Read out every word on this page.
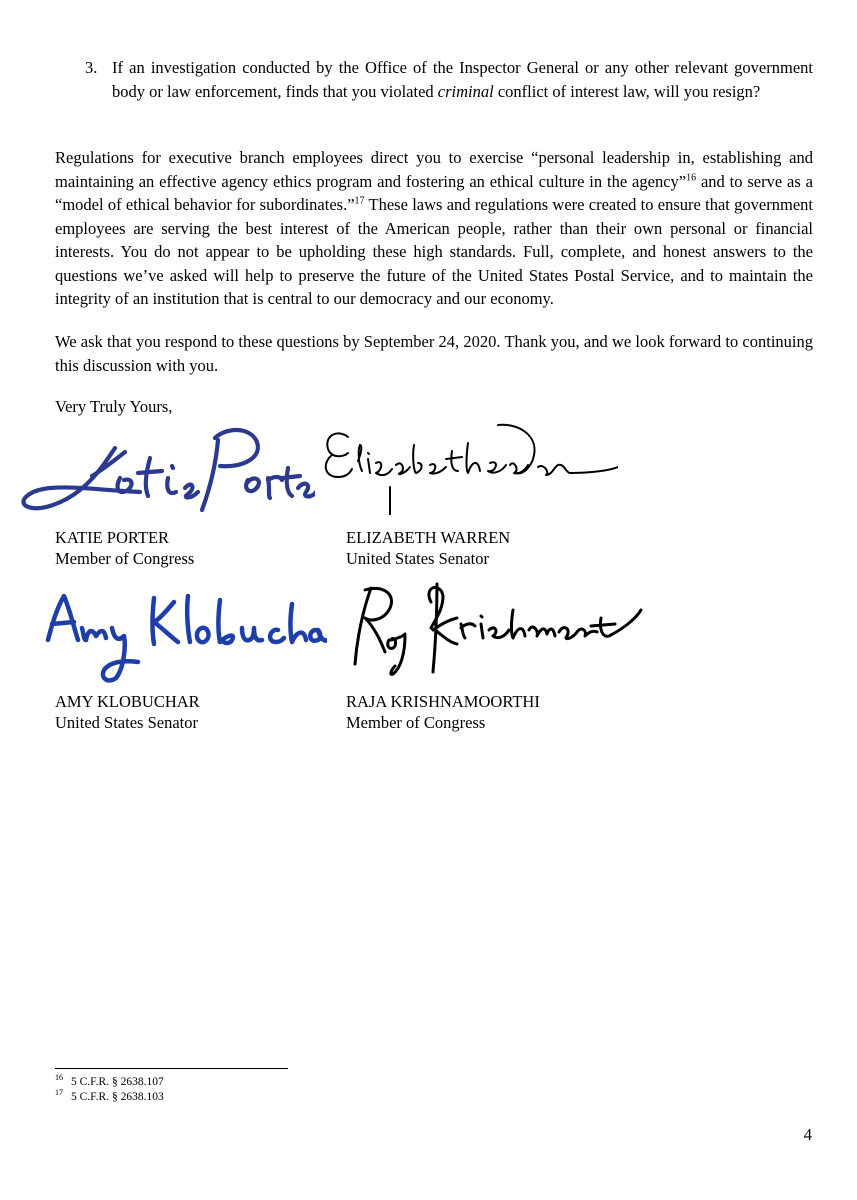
3. If an investigation conducted by the Office of the Inspector General or any other relevant government body or law enforcement, finds that you violated criminal conflict of interest law, will you resign?
Regulations for executive branch employees direct you to exercise “personal leadership in, establishing and maintaining an effective agency ethics program and fostering an ethical culture in the agency”$^{16}$ and to serve as a “model of ethical behavior for subordinates.”$^{17}$ These laws and regulations were created to ensure that government employees are serving the best interest of the American people, rather than their own personal or financial interests. You do not appear to be upholding these high standards. Full, complete, and honest answers to the questions we’ve asked will help to preserve the future of the United States Postal Service, and to maintain the integrity of an institution that is central to our democracy and our economy.
We ask that you respond to these questions by September 24, 2020. Thank you, and we look forward to continuing this discussion with you.
Very Truly Yours,
KATIE PORTER
Member of Congress
ELIZABETH WARREN
United States Senator
AMY KLOBUCHAR
United States Senator
RAJA KRISHNAMOORTHI
Member of Congress
$^{16}$ 5 C.F.R. § 2638.107
$^{17}$ 5 C.F.R. § 2638.103
4
